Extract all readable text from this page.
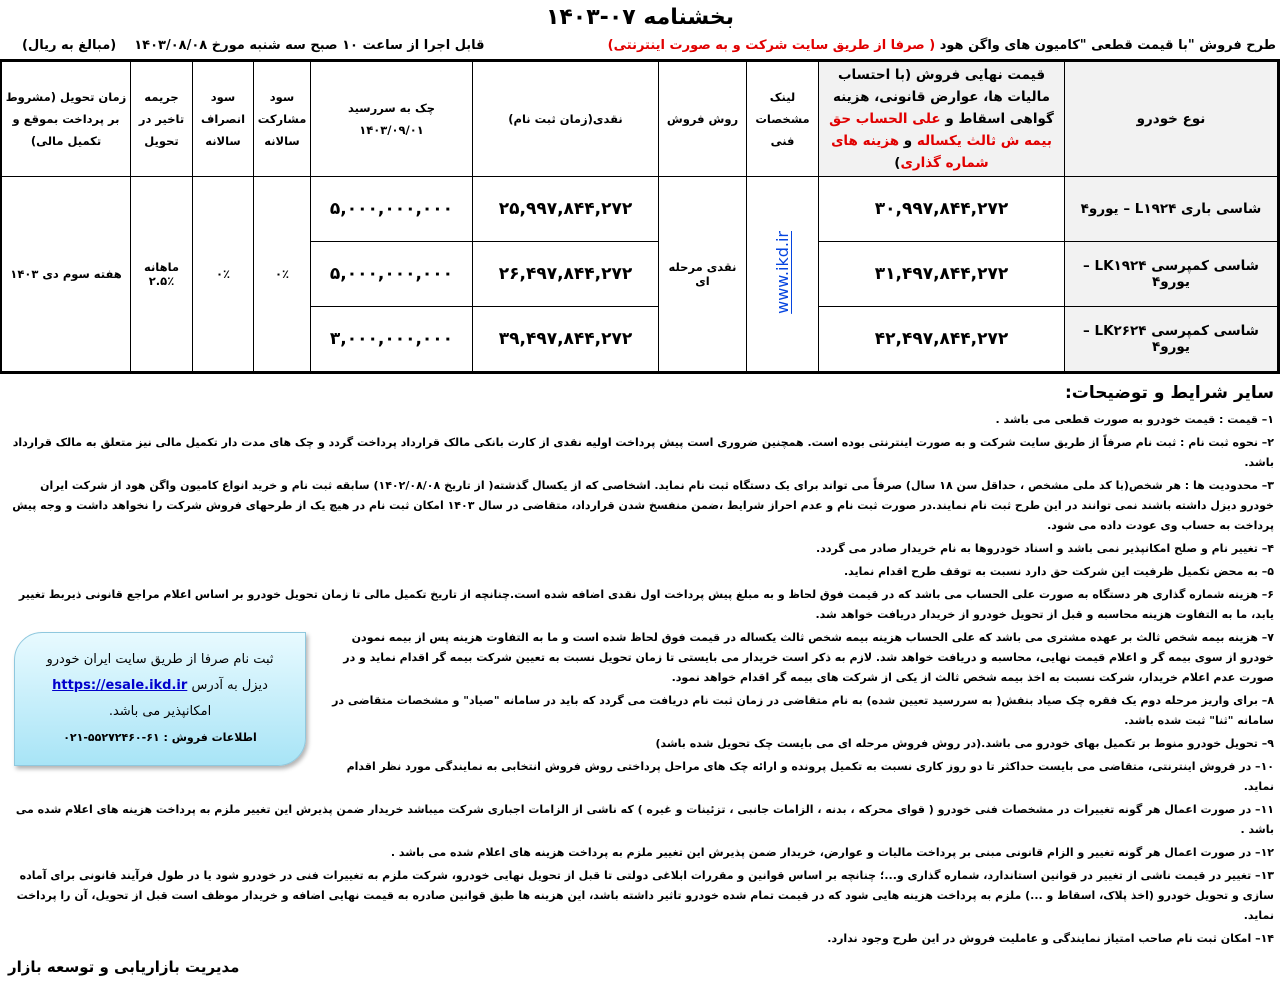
بخشنامه ۰۷-۱۴۰۳
طرح فروش "با قیمت قطعی "کامیون های واگن هود ( صرفا از طریق سایت شرکت و به صورت اینترنتی)
قابل اجرا از ساعت ۱۰ صبح سه شنبه مورخ ۱۴۰۳/۰۸/۰۸(مبالغ به ریال)
نوع خودرو	قیمت نهایی فروش (با احتساب مالیات ها، عوارض قانونی، هزینه گواهی اسقاط و علی الحساب حق بیمه ش ثالث یکساله و هزینه های شماره گذاری)	لینک مشخصات فنی	روش فروش	نقدی(زمان ثبت نام)	چک به سررسید ۱۴۰۳/۰۹/۰۱	سود مشارکت سالانه	سود انصراف سالانه	جریمه تاخیر در تحویل	زمان تحویل (مشروط بر پرداخت بموقع و تکمیل مالی)
شاسی باری L۱۹۲۴ – یورو۴	۳۰,۹۹۷,۸۴۴,۲۷۲	www.ikd.ir	نقدی مرحله ای	۲۵,۹۹۷,۸۴۴,۲۷۲	۵,۰۰۰,۰۰۰,۰۰۰	۰٪	۰٪	ماهانه ٪۲.۵	هفته سوم دی ۱۴۰۳
شاسی کمپرسی LK۱۹۲۴ – یورو۴	۳۱,۴۹۷,۸۴۴,۲۷۲			۲۶,۴۹۷,۸۴۴,۲۷۲	۵,۰۰۰,۰۰۰,۰۰۰				
شاسی کمپرسی LK۲۶۲۴ – یورو۴	۴۲,۴۹۷,۸۴۴,۲۷۲			۳۹,۴۹۷,۸۴۴,۲۷۲	۳,۰۰۰,۰۰۰,۰۰۰				
سایر شرایط و توضیحات:
۱– قیمت : قیمت خودرو به صورت قطعی می باشد .
۲– نحوه ثبت نام : ثبت نام صرفاً از طریق سایت شرکت و به صورت اینترنتی بوده است. همچنین ضروری است پیش پرداخت اولیه نقدی از کارت بانکی مالک قرارداد پرداخت گردد و چک های مدت دار تکمیل مالی نیز متعلق به مالک قرارداد باشد.
۳– محدودیت ها : هر شخص(با کد ملی مشخص ، حداقل سن ۱۸ سال) صرفاً می تواند برای یک دستگاه ثبت نام نماید. اشخاصی که از یکسال گذشته( از تاریخ ۱۴۰۲/۰۸/۰۸) سابقه ثبت نام و خرید انواع کامیون واگن هود از شرکت ایران خودرو دیزل داشته باشند نمی توانند در این طرح ثبت نام نمایند.در صورت ثبت نام و عدم احراز شرایط ،ضمن منفسخ شدن قرارداد، متقاضی در سال ۱۴۰۳ امکان ثبت نام در هیچ یک از طرحهای فروش شرکت را نخواهد داشت و وجه پیش پرداخت به حساب وی عودت داده می شود.
۴– تغییر نام و صلح امکانپذیر نمی باشد و اسناد خودروها به نام خریدار صادر می گردد.
۵– به محض تکمیل ظرفیت این شرکت حق دارد نسبت به توقف طرح اقدام نماید.
۶– هزینه شماره گذاری هر دستگاه به صورت علی الحساب می باشد که در قیمت فوق لحاظ و به مبلغ پیش پرداخت اول نقدی اضافه شده است.چنانچه از تاریخ تکمیل مالی تا زمان تحویل خودرو بر اساس اعلام مراجع قانونی ذیربط تغییر یابد، ما به التفاوت هزینه محاسبه و قبل از تحویل خودرو از خریدار دریافت خواهد شد.
ثبت نام صرفا از طریق سایت ایران خودرو
دیزل به آدرس https://esale.ikd.ir
امکانپذیر می باشد.
اطلاعات فروش : ۶۱-۵۵۲۷۲۴۶۰-۰۲۱
۷– هزینه بیمه شخص ثالث بر عهده مشتری می باشد که علی الحساب هزینه بیمه شخص ثالث یکساله در قیمت فوق لحاظ شده است و ما به التفاوت هزینه پس از بیمه نمودن خودرو از سوی بیمه گر و اعلام قیمت نهایی، محاسبه و دریافت خواهد شد. لازم به ذکر است خریدار می بایستی تا زمان تحویل نسبت به تعیین شرکت بیمه گر اقدام نماید و در صورت عدم اعلام خریدار، شرکت نسبت به اخذ بیمه شخص ثالث از یکی از شرکت های بیمه گر اقدام خواهد نمود.
۸– برای واریز مرحله دوم یک فقره چک صیاد بنفش( به سررسید تعیین شده) به نام متقاضی در زمان ثبت نام دریافت می گردد که باید در سامانه "صیاد" و مشخصات متقاضی در سامانه "ثنا" ثبت شده باشد.
۹– تحویل خودرو منوط بر تکمیل بهای خودرو می باشد.(در روش فروش مرحله ای می بایست چک تحویل شده باشد)
۱۰– در فروش اینترنتی، متقاضی می بایست حداکثر تا دو روز کاری نسبت به تکمیل پرونده و ارائه چک های مراحل پرداختی روش فروش انتخابی به نمایندگی مورد نظر اقدام نماید.
۱۱– در صورت اعمال هر گونه تغییرات در مشخصات فنی خودرو ( قوای محرکه ، بدنه ، الزامات جانبی ، تزئینات و غیره ) که ناشی از الزامات اجباری شرکت میباشد خریدار ضمن پذیرش این تغییر ملزم به پرداخت هزینه های اعلام شده می باشد .
۱۲– در صورت اعمال هر گونه تغییر و الزام قانونی مبنی بر پرداخت مالیات و عوارض، خریدار ضمن پذیرش این تغییر ملزم به پرداخت هزینه های اعلام شده می باشد .
۱۳– تغییر در قیمت ناشی از تغییر در قوانین استاندارد، شماره گذاری و...؛ چنانچه بر اساس قوانین و مقررات ابلاغی دولتی تا قبل از تحویل نهایی خودرو، شرکت ملزم به تغییرات فنی در خودرو شود یا در طول فرآیند قانونی برای آماده سازی و تحویل خودرو (اخذ پلاک، اسقاط و ...) ملزم به پرداخت هزینه هایی شود که در قیمت تمام شده خودرو تاثیر داشته باشد، این هزینه ها طبق قوانین صادره به قیمت نهایی اضافه و خریدار موظف است قبل از تحویل، آن را پرداخت نماید.
۱۴– امکان ثبت نام صاحب امتیاز نمایندگی و عاملیت فروش در این طرح وجود ندارد.
مدیریت بازاریابی و توسعه بازار
